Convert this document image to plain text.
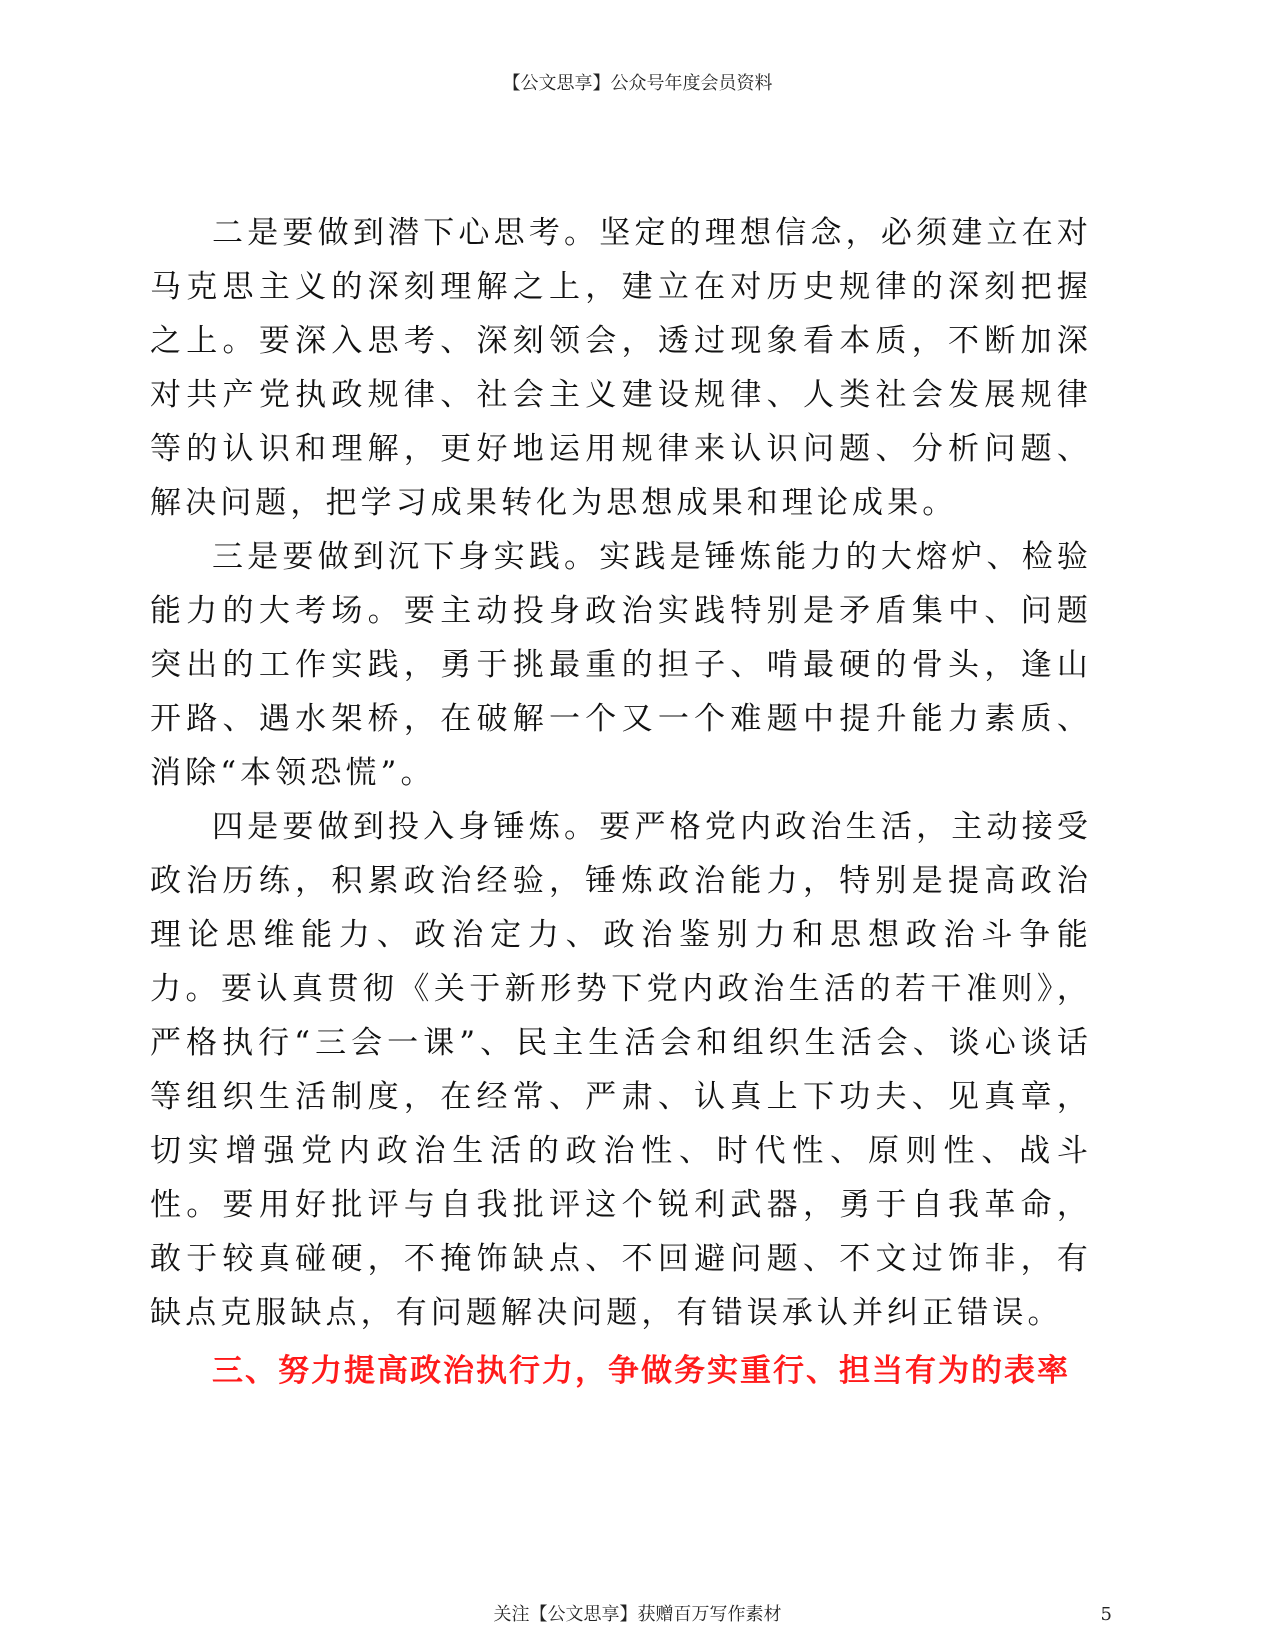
【公文思享】公众号年度会员资料

二是要做到潜下心思考。坚定的理想信念，必须建立在对马克思主义的深刻理解之上，建立在对历史规律的深刻把握之上。要深入思考、深刻领会，透过现象看本质，不断加深对共产党执政规律、社会主义建设规律、人类社会发展规律等的认识和理解，更好地运用规律来认识问题、分析问题、解决问题，把学习成果转化为思想成果和理论成果。

三是要做到沉下身实践。实践是锤炼能力的大熔炉、检验能力的大考场。要主动投身政治实践特别是矛盾集中、问题突出的工作实践，勇于挑最重的担子、啃最硬的骨头，逢山开路、遇水架桥，在破解一个又一个难题中提升能力素质、消除“本领恐慌”。

四是要做到投入身锤炼。要严格党内政治生活，主动接受政治历练，积累政治经验，锤炼政治能力，特别是提高政治理论思维能力、政治定力、政治鉴别力和思想政治斗争能力。要认真贯彻《关于新形势下党内政治生活的若干准则》，严格执行“三会一课”、民主生活会和组织生活会、谈心谈话等组织生活制度，在经常、严肃、认真上下功夫、见真章，切实增强党内政治生活的政治性、时代性、原则性、战斗性。要用好批评与自我批评这个锐利武器，勇于自我革命，敢于较真碰硬，不掩饰缺点、不回避问题、不文过饰非，有缺点克服缺点，有问题解决问题，有错误承认并纠正错误。

三、努力提高政治执行力，争做务实重行、担当有为的表率

关注【公文思享】获赠百万写作素材	5
